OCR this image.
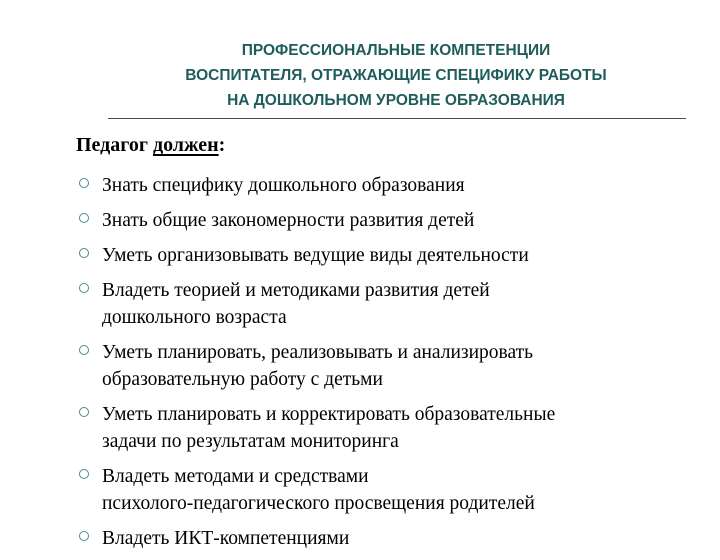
ПРОФЕССИОНАЛЬНЫЕ КОМПЕТЕНЦИИ
ВОСПИТАТЕЛЯ, ОТРАЖАЮЩИЕ СПЕЦИФИКУ РАБОТЫ
НА ДОШКОЛЬНОМ УРОВНЕ ОБРАЗОВАНИЯ
Педагог должен:
Знать специфику дошкольного образования
Знать общие закономерности развития детей
Уметь организовывать ведущие виды деятельности
Владеть теорией и методиками развития детей
дошкольного возраста
Уметь планировать, реализовывать и анализировать
образовательную работу с детьми
Уметь планировать и корректировать образовательные
задачи по результатам мониторинга
Владеть методами и средствами
психолого-педагогического просвещения родителей
Владеть ИКТ-компетенциями
